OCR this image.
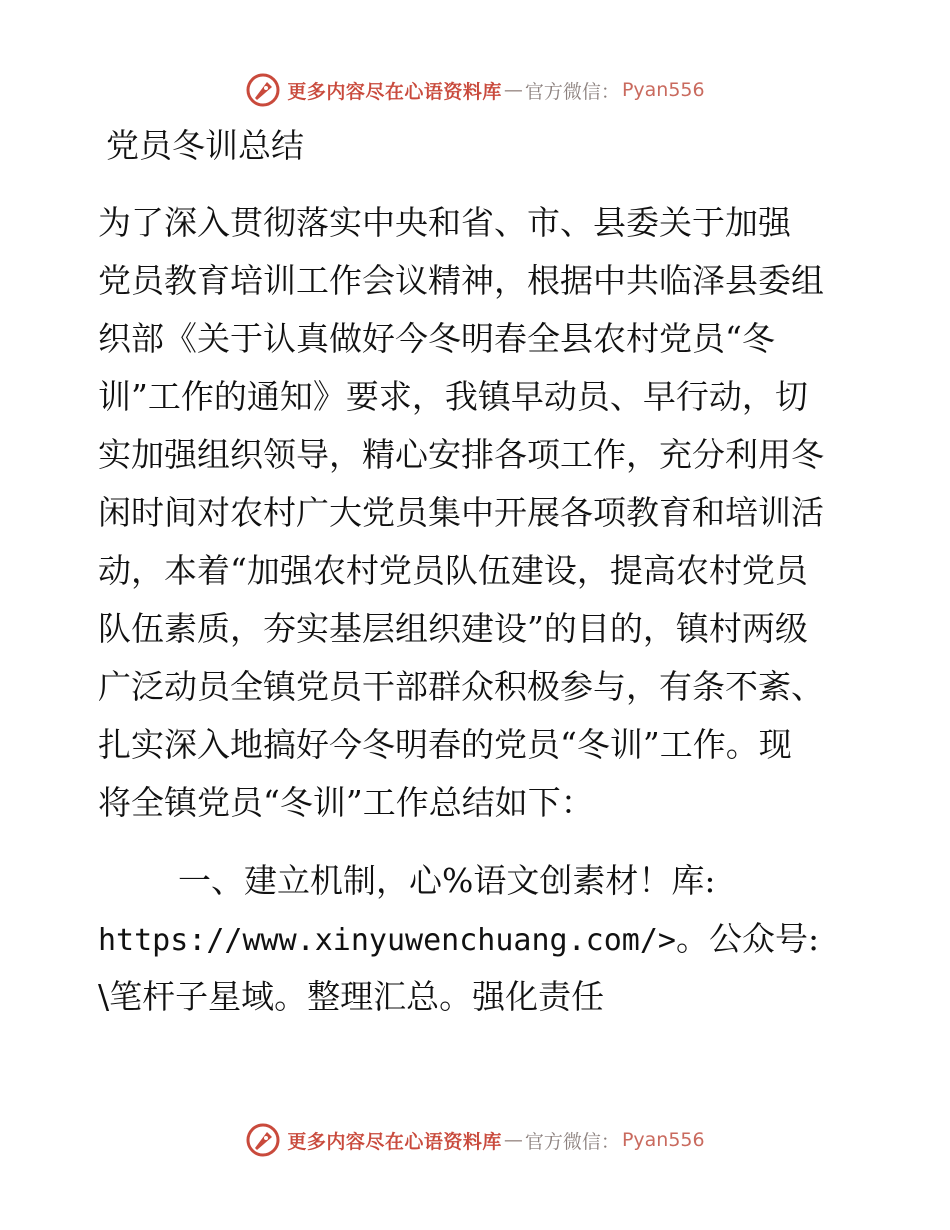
更多内容尽在心语资料库 — 官方微信： Pyan556
党员冬训总结
为了深入贯彻落实中央和省、市、县委关于加强
党员教育培训工作会议精神，根据中共临泽县委组
织部《关于认真做好今冬明春全县农村党员“冬
训”工作的通知》要求，我镇早动员、早行动，切
实加强组织领导，精心安排各项工作，充分利用冬
闲时间对农村广大党员集中开展各项教育和培训活
动，本着“加强农村党员队伍建设，提高农村党员
队伍素质，夯实基层组织建设”的目的，镇村两级
广泛动员全镇党员干部群众积极参与，有条不紊、
扎实深入地搞好今冬明春的党员“冬训”工作。现
将全镇党员“冬训”工作总结如下：
一、建立机制，心%语文创素材！库:
https://www.xinyuwenchuang.com/>。公众号:
\笔杆子星域。整理汇总。强化责任
更多内容尽在心语资料库 — 官方微信： Pyan556
